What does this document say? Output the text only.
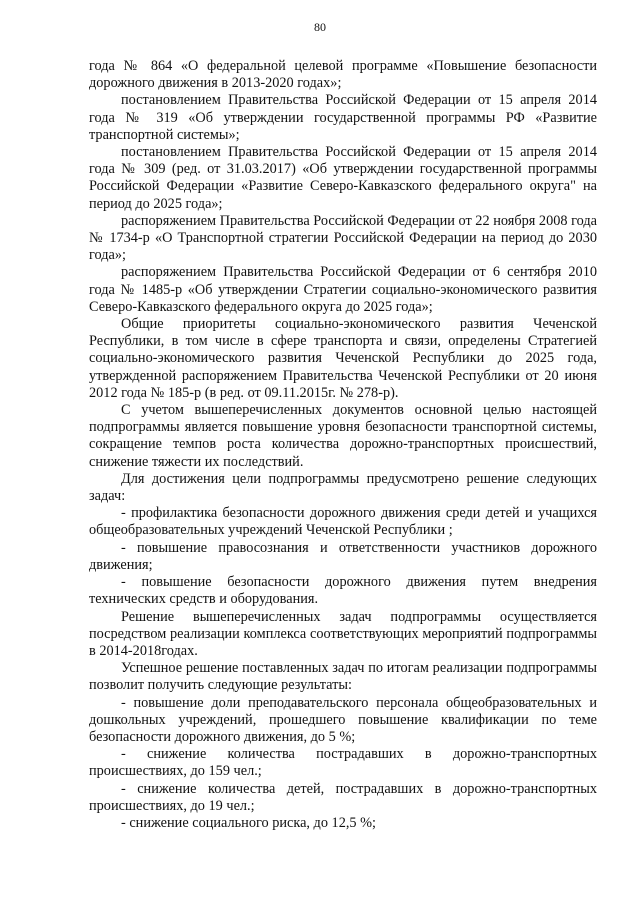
80

года № 864 «О федеральной целевой программе «Повышение безопасности дорожного движения в 2013-2020 годах»;

постановлением Правительства Российской Федерации от 15 апреля 2014 года № 319 «Об утверждении государственной программы РФ «Развитие транспортной системы»;

постановлением Правительства Российской Федерации от 15 апреля 2014 года № 309 (ред. от 31.03.2017) «Об утверждении государственной программы Российской Федерации «Развитие Северо-Кавказского федерального округа" на период до 2025 года»;

распоряжением Правительства Российской Федерации от 22 ноября 2008 года № 1734-р «О Транспортной стратегии Российской Федерации на период до 2030 года»;

распоряжением Правительства Российской Федерации от 6 сентября 2010 года № 1485-р «Об утверждении Стратегии социально-экономического развития Северо-Кавказского федерального округа до 2025 года»;

Общие приоритеты социально-экономического развития Чеченской Республики, в том числе в сфере транспорта и связи, определены Стратегией социально-экономического развития Чеченской Республики до 2025 года, утвержденной распоряжением Правительства Чеченской Республики от 20 июня 2012 года № 185-р (в ред. от 09.11.2015г. № 278-р).

С учетом вышеперечисленных документов основной целью настоящей подпрограммы является повышение уровня безопасности транспортной системы, сокращение темпов роста количества дорожно-транспортных происшествий, снижение тяжести их последствий.

Для достижения цели подпрограммы предусмотрено решение следующих задач:

- профилактика безопасности дорожного движения среди детей и учащихся общеобразовательных учреждений Чеченской Республики ;

- повышение правосознания и ответственности участников дорожного движения;

- повышение безопасности дорожного движения путем внедрения технических средств и оборудования.

Решение вышеперечисленных задач подпрограммы осуществляется посредством реализации комплекса соответствующих мероприятий подпрограммы в 2014-2018годах.

Успешное решение поставленных задач по итогам реализации подпрограммы позволит получить следующие результаты:

- повышение доли преподавательского персонала общеобразовательных и дошкольных учреждений, прошедшего повышение квалификации по теме безопасности дорожного движения, до 5 %;

- снижение количества пострадавших в дорожно-транспортных происшествиях, до 159 чел.;

- снижение количества детей, пострадавших в дорожно-транспортных происшествиях, до 19 чел.;

- снижение социального риска, до 12,5 %;
